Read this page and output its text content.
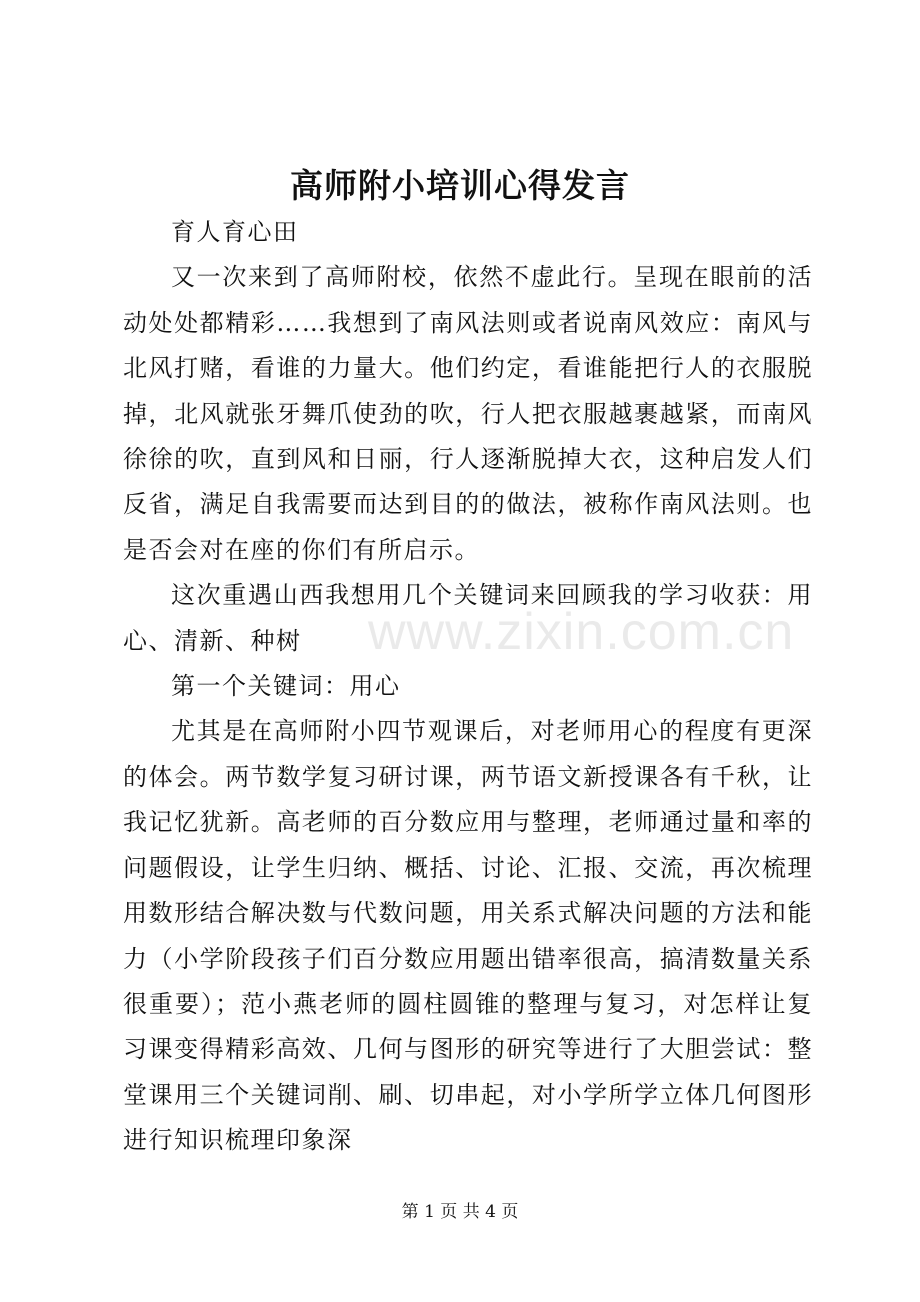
高师附小培训心得发言

育人育心田

又一次来到了高师附校，依然不虚此行。呈现在眼前的活动处处都精彩……我想到了南风法则或者说南风效应：南风与北风打赌，看谁的力量大。他们约定，看谁能把行人的衣服脱掉，北风就张牙舞爪使劲的吹，行人把衣服越裹越紧，而南风徐徐的吹，直到风和日丽，行人逐渐脱掉大衣，这种启发人们反省，满足自我需要而达到目的的做法，被称作南风法则。也是否会对在座的你们有所启示。

这次重遇山西我想用几个关键词来回顾我的学习收获：用心、清新、种树

第一个关键词：用心

尤其是在高师附小四节观课后，对老师用心的程度有更深的体会。两节数学复习研讨课，两节语文新授课各有千秋，让我记忆犹新。高老师的百分数应用与整理，老师通过量和率的问题假设，让学生归纳、概括、讨论、汇报、交流，再次梳理用数形结合解决数与代数问题，用关系式解决问题的方法和能力（小学阶段孩子们百分数应用题出错率很高，搞清数量关系很重要）；范小燕老师的圆柱圆锥的整理与复习，对怎样让复习课变得精彩高效、几何与图形的研究等进行了大胆尝试：整堂课用三个关键词削、刷、切串起，对小学所学立体几何图形进行知识梳理印象深

www.zixin.com.cn
第 1 页 共 4 页
